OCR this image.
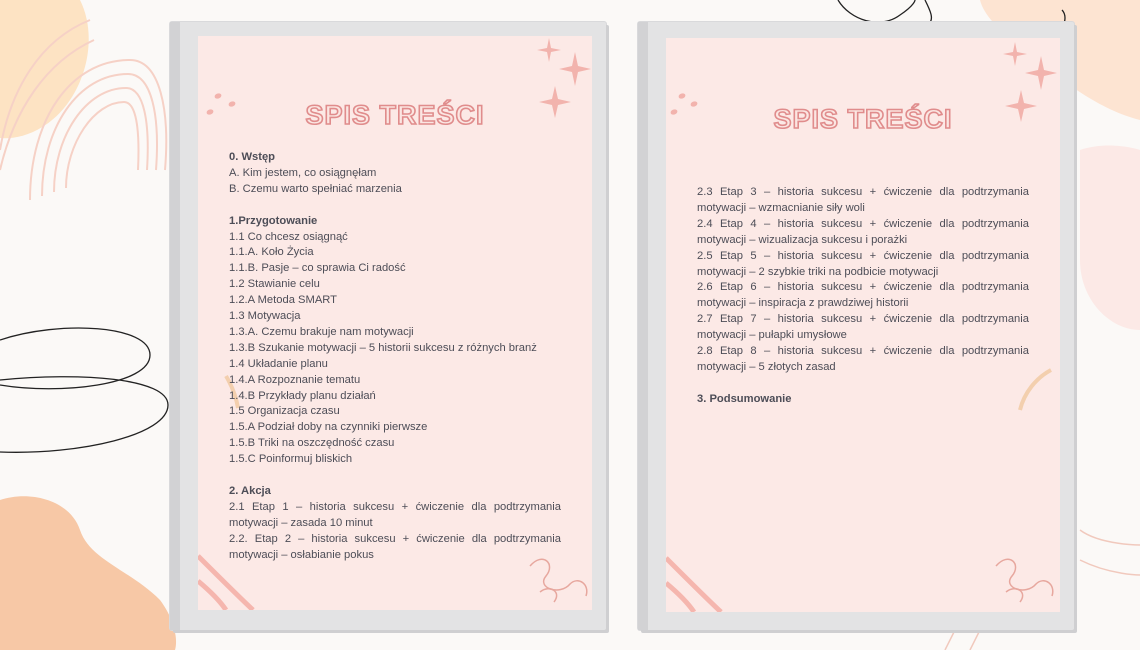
SPIS TREŚCI
0. Wstęp
A. Kim jestem, co osiągnęłam
B. Czemu warto spełniać marzenia
1.Przygotowanie
1.1 Co chcesz osiągnąć
1.1.A. Koło Życia
1.1.B. Pasje – co sprawia Ci radość
1.2 Stawianie celu
1.2.A Metoda SMART
1.3 Motywacja
1.3.A. Czemu brakuje nam motywacji
1.3.B Szukanie motywacji – 5 historii sukcesu z różnych branż
1.4 Układanie planu
1.4.A Rozpoznanie tematu
1.4.B Przykłady planu działań
1.5 Organizacja czasu
1.5.A Podział doby na czynniki pierwsze
1.5.B Triki na oszczędność czasu
1.5.C Poinformuj bliskich
2. Akcja
2.1 Etap 1 – historia sukcesu + ćwiczenie dla podtrzymania motywacji – zasada 10 minut
2.2. Etap 2 – historia sukcesu + ćwiczenie dla podtrzymania motywacji – osłabianie pokus
SPIS TREŚCI
2.3 Etap 3 – historia sukcesu + ćwiczenie dla podtrzymania motywacji – wzmacnianie siły woli
2.4 Etap 4 – historia sukcesu + ćwiczenie dla podtrzymania motywacji – wizualizacja sukcesu i porażki
2.5 Etap 5 – historia sukcesu + ćwiczenie dla podtrzymania motywacji – 2 szybkie triki na podbicie motywacji
2.6 Etap 6 – historia sukcesu + ćwiczenie dla podtrzymania motywacji – inspiracja z prawdziwej historii
2.7 Etap 7 – historia sukcesu + ćwiczenie dla podtrzymania motywacji – pułapki umysłowe
2.8 Etap 8 – historia sukcesu + ćwiczenie dla podtrzymania motywacji – 5 złotych zasad
3. Podsumowanie
